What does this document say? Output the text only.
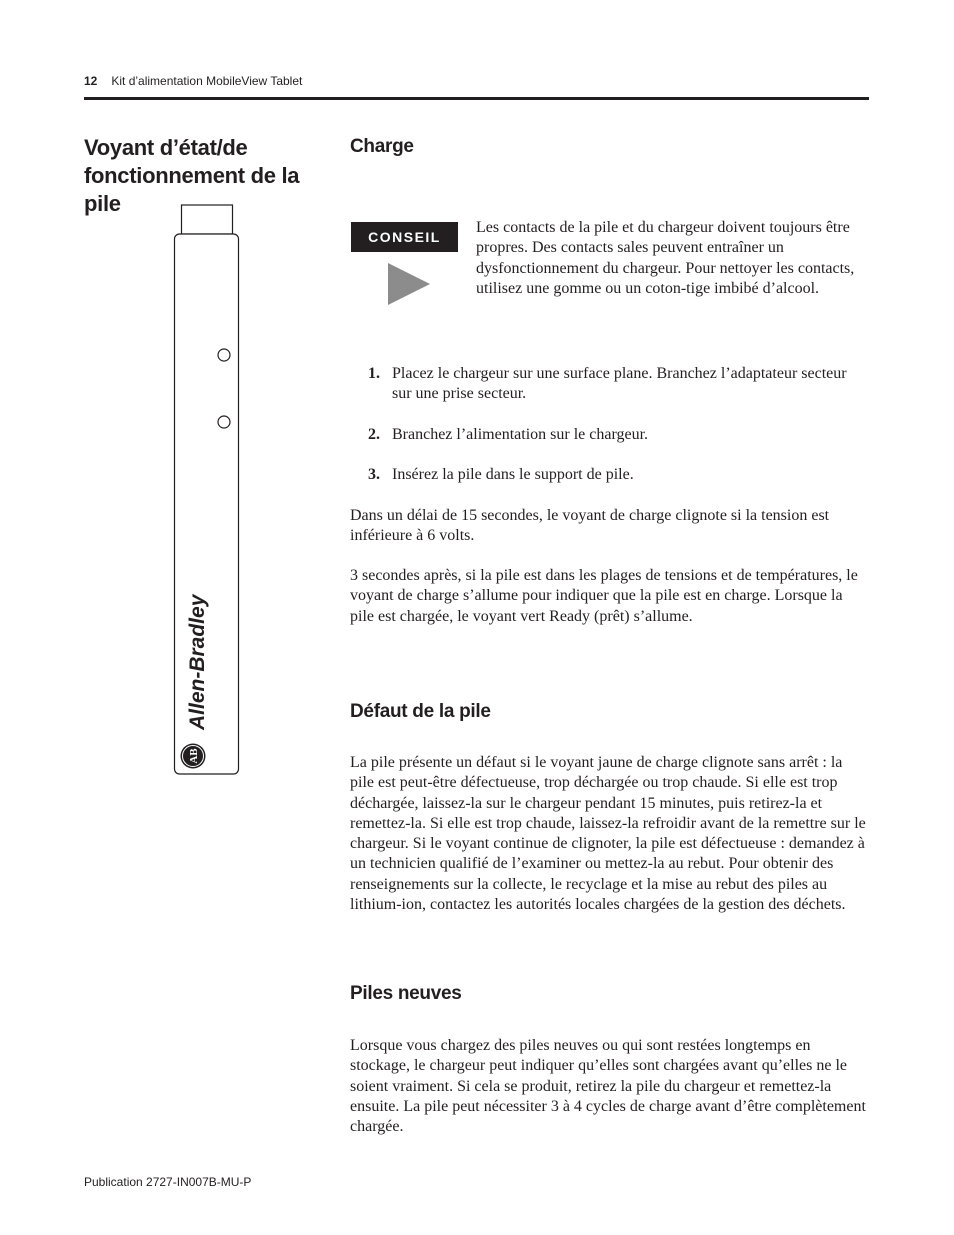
12 Kit d’alimentation MobileView Tablet
Voyant d’état/de fonctionnement de la pile
Allen-Bradley
AB
Charge
CONSEIL

Les contacts de la pile et du chargeur doivent toujours être propres. Des contacts sales peuvent entraîner un dysfonctionnement du chargeur. Pour nettoyer les contacts, utilisez une gomme ou un coton-tige imbibé d’alcool.

1. Placez le chargeur sur une surface plane. Branchez l’adaptateur secteur sur une prise secteur.
2. Branchez l’alimentation sur le chargeur.
3. Insérez la pile dans le support de pile.

Dans un délai de 15 secondes, le voyant de charge clignote si la tension est inférieure à 6 volts.

3 secondes après, si la pile est dans les plages de tensions et de températures, le voyant de charge s’allume pour indiquer que la pile est en charge. Lorsque la pile est chargée, le voyant vert Ready (prêt) s’allume.

Défaut de la pile

La pile présente un défaut si le voyant jaune de charge clignote sans arrêt : la pile est peut-être défectueuse, trop déchargée ou trop chaude. Si elle est trop déchargée, laissez-la sur le chargeur pendant 15 minutes, puis retirez-la et remettez-la. Si elle est trop chaude, laissez-la refroidir avant de la remettre sur le chargeur. Si le voyant continue de clignoter, la pile est défectueuse : demandez à un technicien qualifié de l’examiner ou mettez-la au rebut. Pour obtenir des renseignements sur la collecte, le recyclage et la mise au rebut des piles au lithium-ion, contactez les autorités locales chargées de la gestion des déchets.

Piles neuves

Lorsque vous chargez des piles neuves ou qui sont restées longtemps en stockage, le chargeur peut indiquer qu’elles sont chargées avant qu’elles ne le soient vraiment. Si cela se produit, retirez la pile du chargeur et remettez-la ensuite. La pile peut nécessiter 3 à 4 cycles de charge avant d’être complètement chargée.

Publication 2727-IN007B-MU-P
